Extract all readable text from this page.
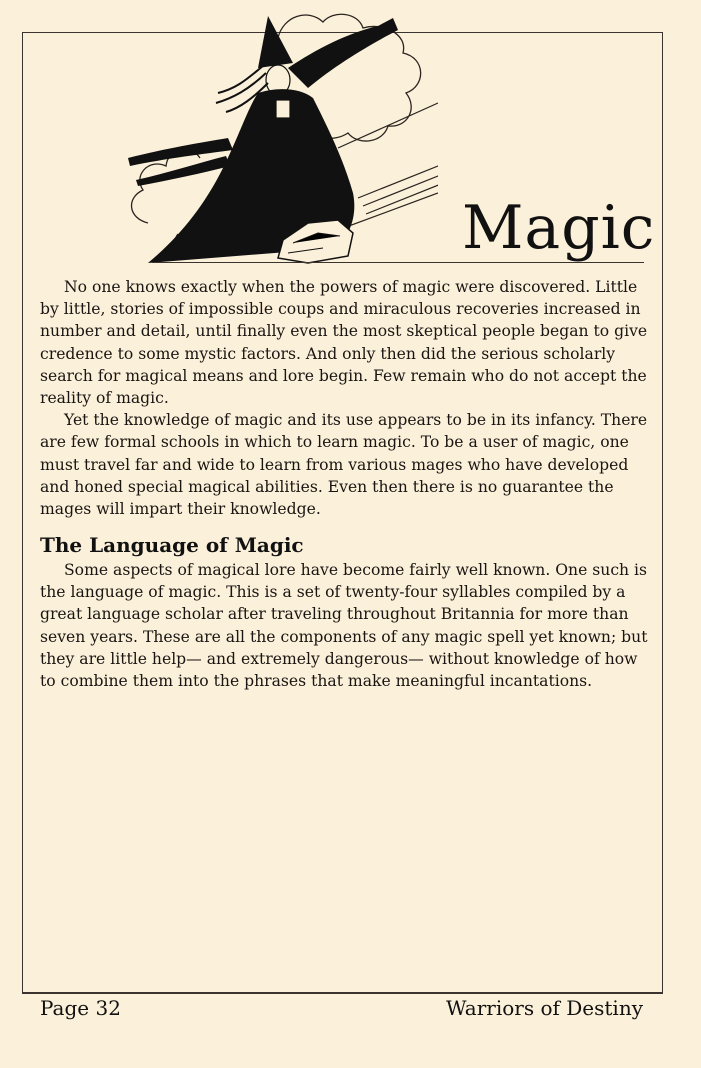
Magic

No one knows exactly when the powers of magic were discovered. Little by little, stories of impossible coups and miraculous recoveries increased in number and detail, until finally even the most skeptical people began to give credence to some mystic factors. And only then did the serious scholarly search for magical means and lore begin. Few remain who do not accept the reality of magic.

Yet the knowledge of magic and its use appears to be in its infancy. There are few formal schools in which to learn magic. To be a user of magic, one must travel far and wide to learn from various mages who have developed and honed special magical abilities. Even then there is no guarantee the mages will impart their knowledge.

The Language of Magic

Some aspects of magical lore have become fairly well known. One such is the language of magic. This is a set of twenty-four syllables compiled by a great language scholar after traveling throughout Britannia for more than seven years. These are all the components of any magic spell yet known; but they are little help— and extremely dangerous— without knowledge of how to combine them into the phrases that make meaningful incantations.

Page 32	Warriors of Destiny
